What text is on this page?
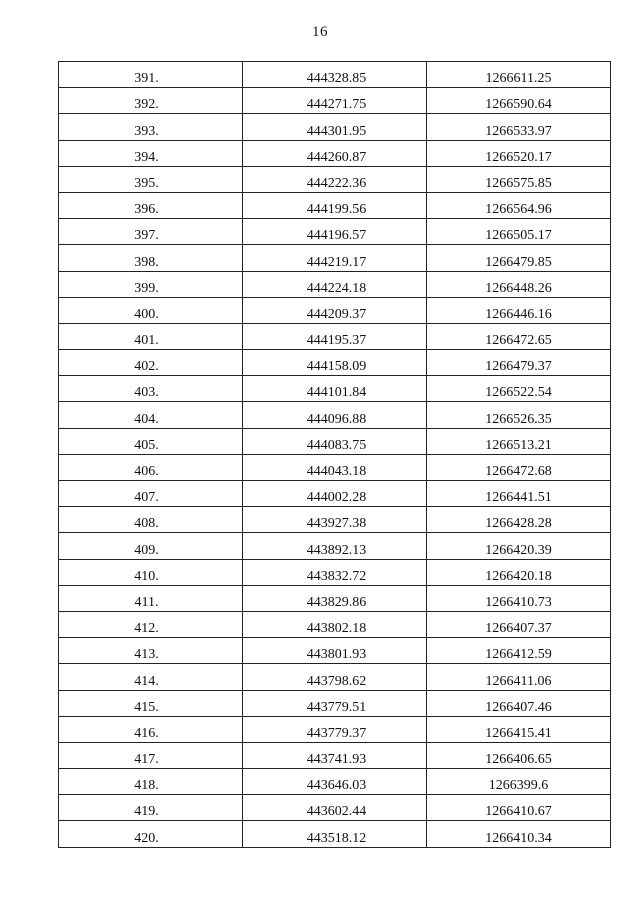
16
391.	444328.85	1266611.25
392.	444271.75	1266590.64
393.	444301.95	1266533.97
394.	444260.87	1266520.17
395.	444222.36	1266575.85
396.	444199.56	1266564.96
397.	444196.57	1266505.17
398.	444219.17	1266479.85
399.	444224.18	1266448.26
400.	444209.37	1266446.16
401.	444195.37	1266472.65
402.	444158.09	1266479.37
403.	444101.84	1266522.54
404.	444096.88	1266526.35
405.	444083.75	1266513.21
406.	444043.18	1266472.68
407.	444002.28	1266441.51
408.	443927.38	1266428.28
409.	443892.13	1266420.39
410.	443832.72	1266420.18
411.	443829.86	1266410.73
412.	443802.18	1266407.37
413.	443801.93	1266412.59
414.	443798.62	1266411.06
415.	443779.51	1266407.46
416.	443779.37	1266415.41
417.	443741.93	1266406.65
418.	443646.03	1266399.6
419.	443602.44	1266410.67
420.	443518.12	1266410.34
